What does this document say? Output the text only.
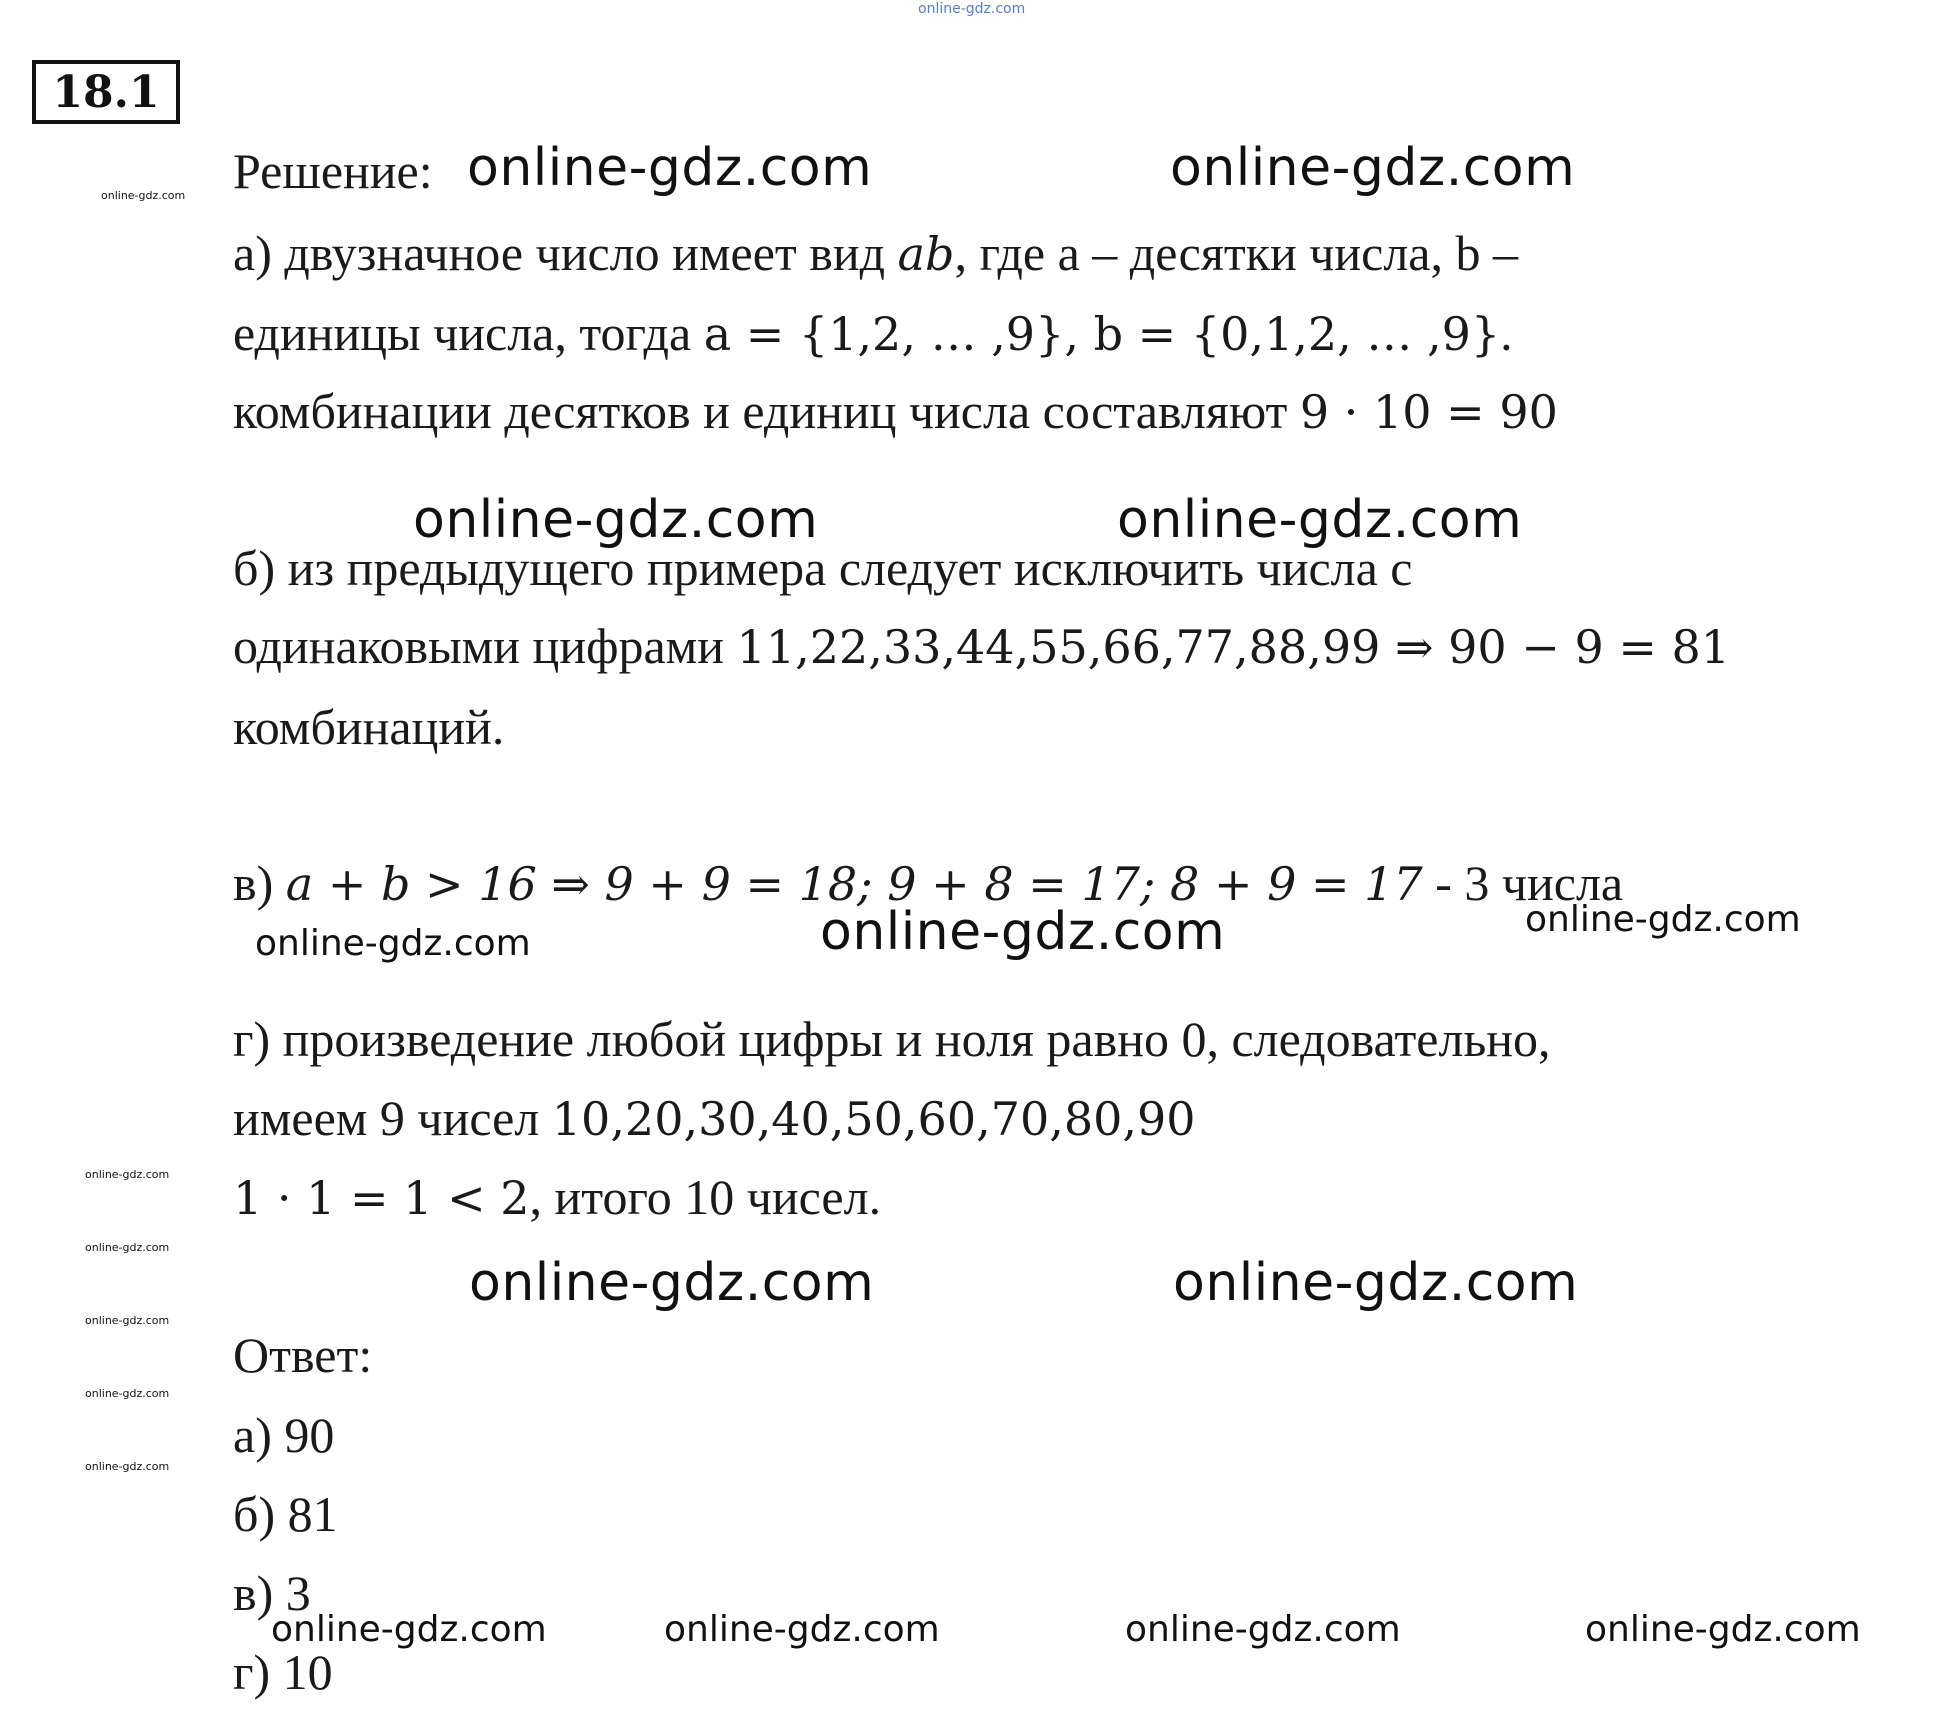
online-gdz.com
18.1
online-gdz.com
online-gdz.com
online-gdz.com
online-gdz.com
online-gdz.com
online-gdz.com
Решение: online-gdz.com	online-gdz.com
а) двузначное число имеет вид ab, где a – десятки числа, b –
единицы числа, тогда a = {1,2, … ,9}, b = {0,1,2, … ,9}.
комбинации десятков и единиц числа составляют 9 · 10 = 90
online-gdz.com	online-gdz.com
б) из предыдущего примера следует исключить числа с
одинаковыми цифрами 11,22,33,44,55,66,77,88,99 ⇒ 90 − 9 = 81
комбинаций.
в) a + b > 16 ⇒ 9 + 9 = 18; 9 + 8 = 17; 8 + 9 = 17 - 3 числа
online-gdz.com	online-gdz.com	online-gdz.com
г) произведение любой цифры и ноля равно 0, следовательно,
имеем 9 чисел 10,20,30,40,50,60,70,80,90
1 · 1 = 1 < 2, итого 10 чисел.
online-gdz.com	online-gdz.com
Ответ:
а) 90
б) 81
в) 3
г) 10
online-gdz.com	online-gdz.com	online-gdz.com	online-gdz.com
